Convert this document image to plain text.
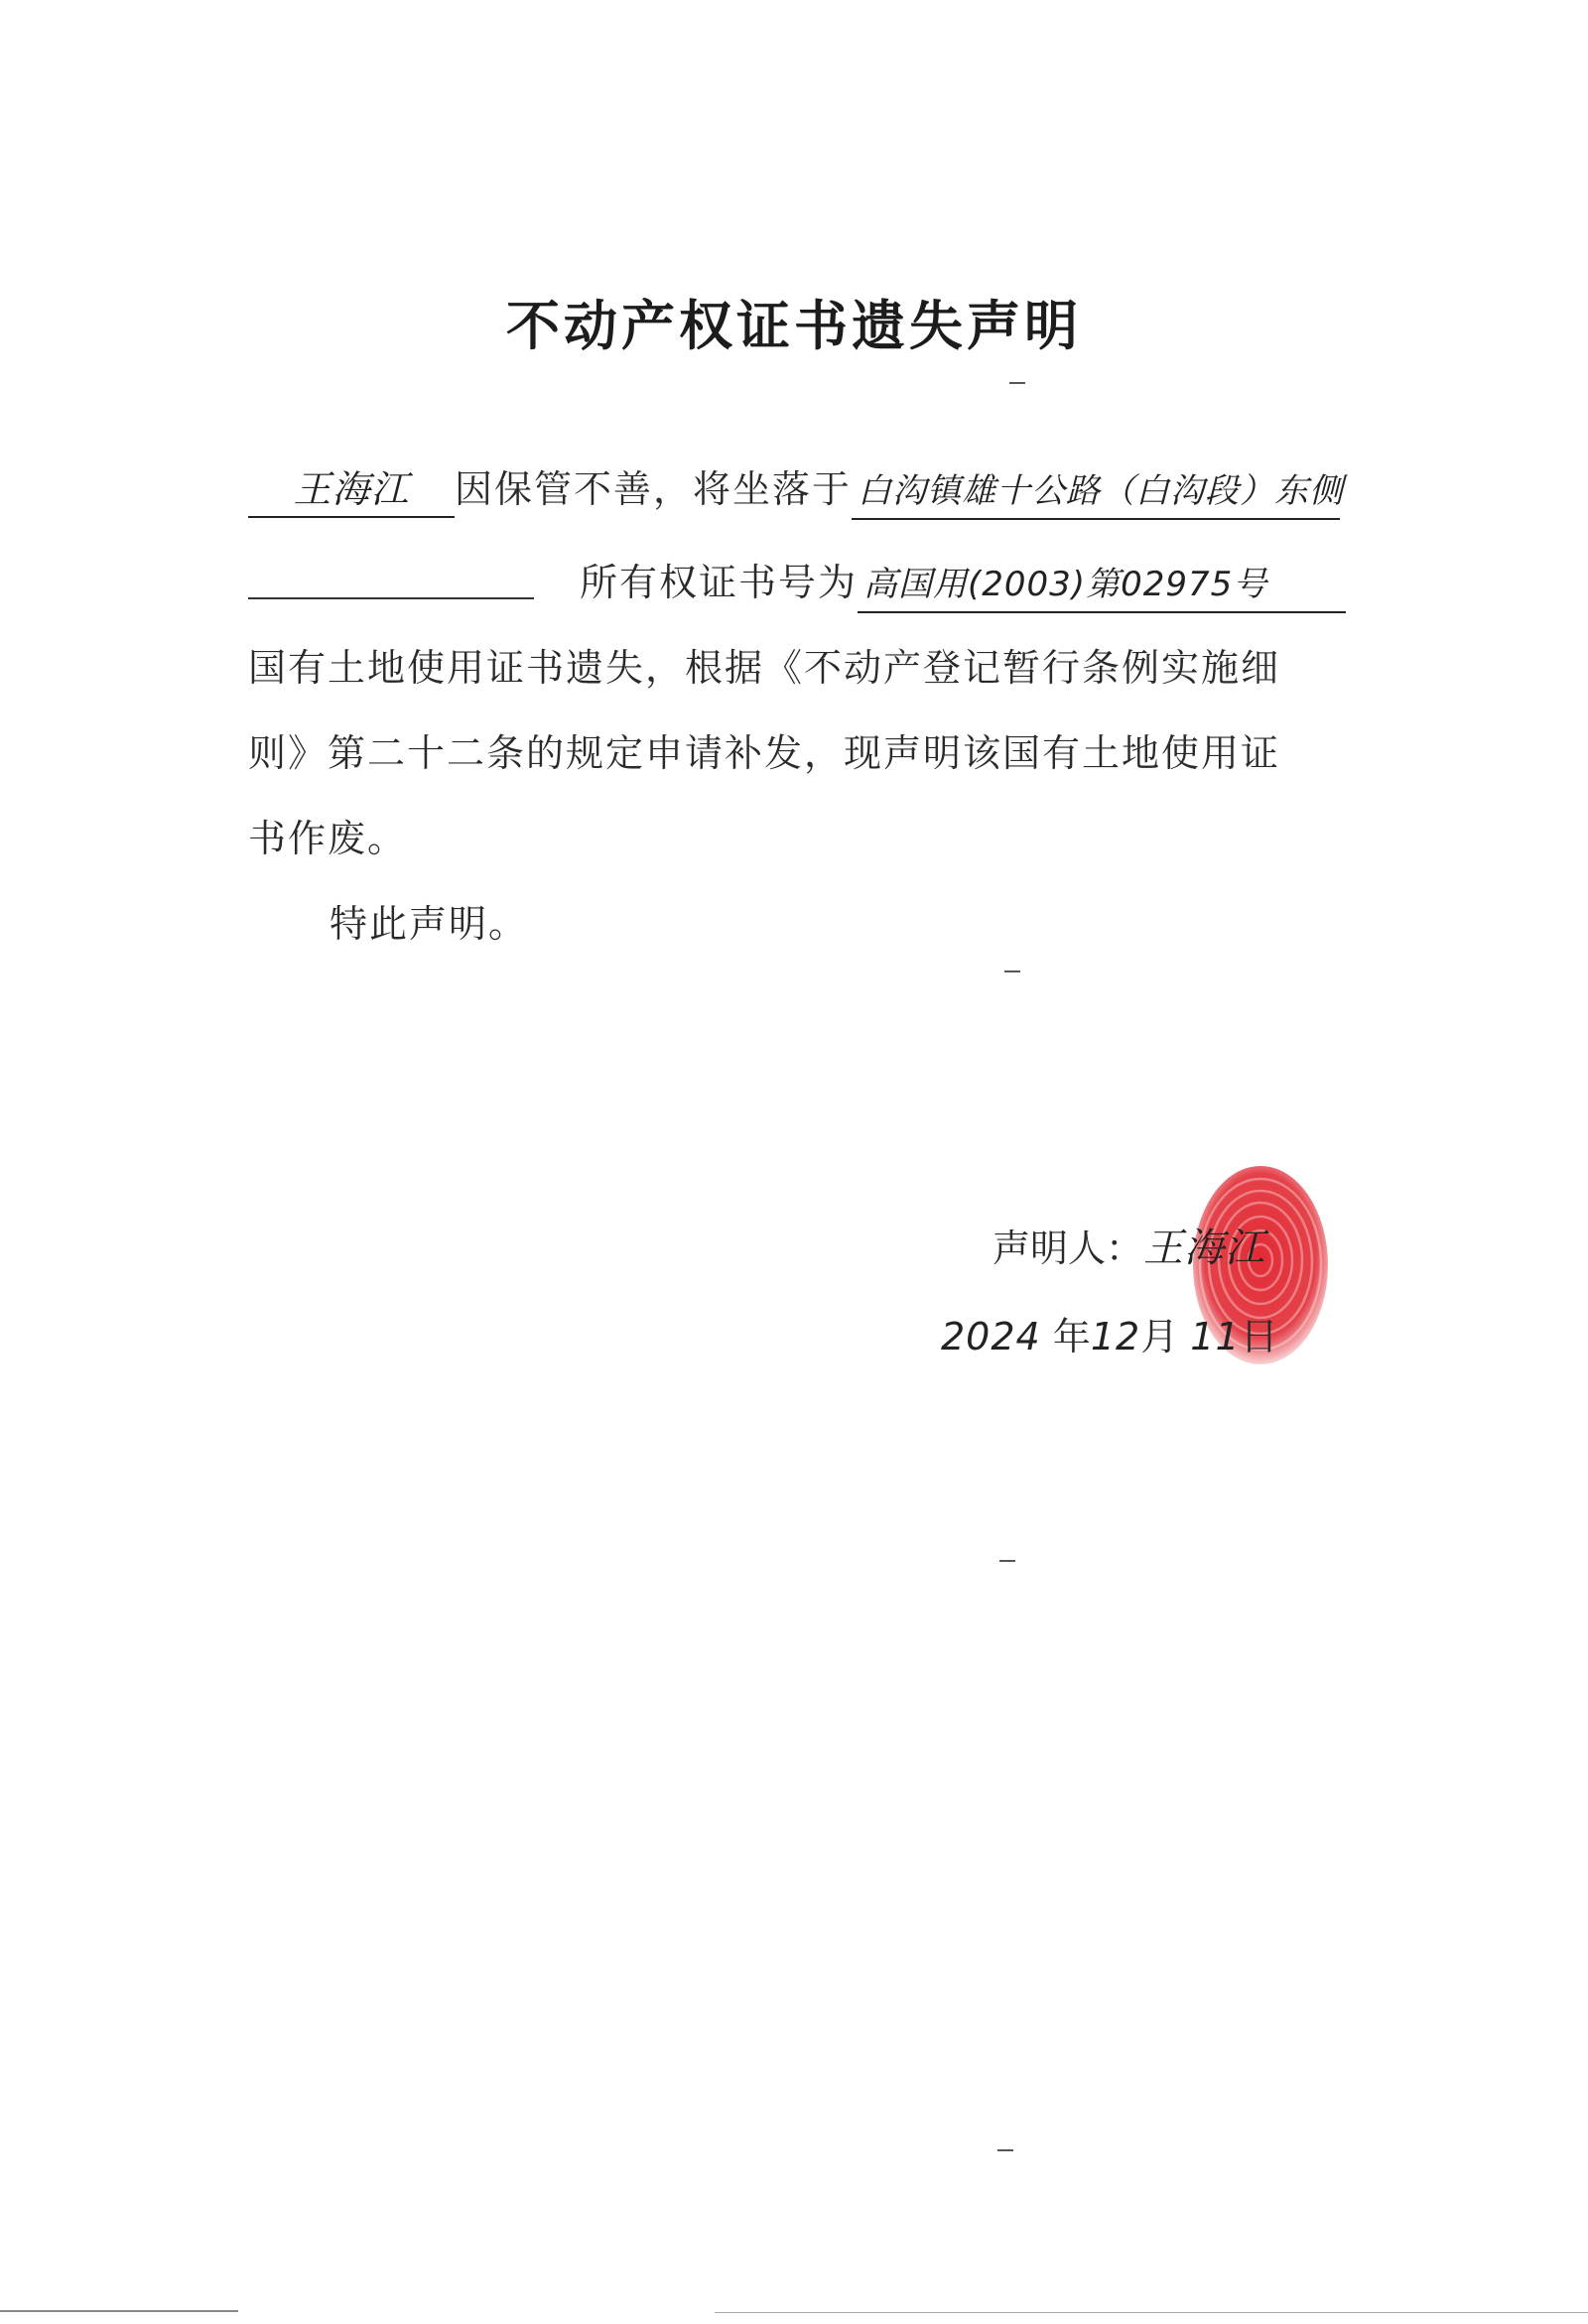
不动产权证书遗失声明
王海江 因保管不善，将坐落于 白沟镇雄十公路（白沟段）东侧
所有权证书号为 高国用(2003)第02975号
国有土地使用证书遗失，根据《不动产登记暂行条例实施细
则》第二十二条的规定申请补发，现声明该国有土地使用证
书作废。
特此声明。
声明人：王海江
2024 年12月 11日
